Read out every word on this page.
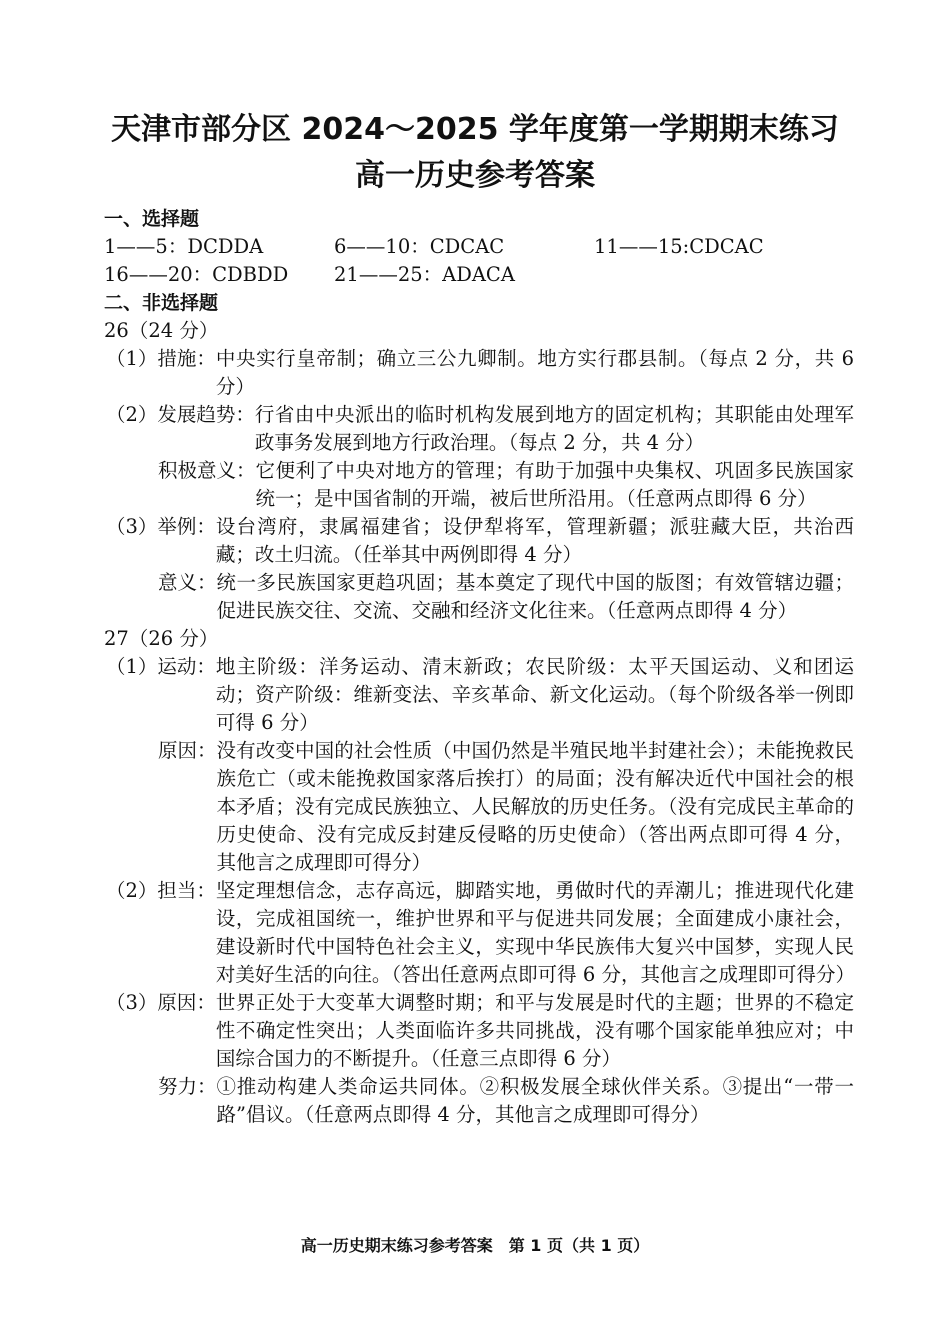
天津市部分区 2024～2025 学年度第一学期期末练习
高一历史参考答案
一、选择题
1——5：DCDDA	6——10：CDCAC	11——15:CDCAC
16——20：CDBDD	21——25：ADACA
二、非选择题
26（24 分）
（1）措施： 中央实行皇帝制；确立三公九卿制。地方实行郡县制。（每点 2 分，共 6 分）
（2）发展趋势： 行省由中央派出的临时机构发展到地方的固定机构；其职能由处理军政事务发展到地方行政治理。（每点 2 分，共 4 分）
积极意义： 它便利了中央对地方的管理；有助于加强中央集权、巩固多民族国家统一；是中国省制的开端，被后世所沿用。（任意两点即得 6 分）
（3）举例： 设台湾府，隶属福建省；设伊犁将军，管理新疆；派驻藏大臣，共治西藏；改土归流。（任举其中两例即得 4 分）
意义： 统一多民族国家更趋巩固；基本奠定了现代中国的版图；有效管辖边疆；促进民族交往、交流、交融和经济文化往来。（任意两点即得 4 分）
27（26 分）
（1）运动： 地主阶级：洋务运动、清末新政；农民阶级：太平天国运动、义和团运动；资产阶级：维新变法、辛亥革命、新文化运动。（每个阶级各举一例即可得 6 分）
原因： 没有改变中国的社会性质（中国仍然是半殖民地半封建社会）；未能挽救民族危亡（或未能挽救国家落后挨打）的局面；没有解决近代中国社会的根本矛盾；没有完成民族独立、人民解放的历史任务。（没有完成民主革命的历史使命、没有完成反封建反侵略的历史使命）（答出两点即可得 4 分，其他言之成理即可得分）
（2）担当： 坚定理想信念，志存高远，脚踏实地，勇做时代的弄潮儿；推进现代化建设，完成祖国统一，维护世界和平与促进共同发展；全面建成小康社会，建设新时代中国特色社会主义，实现中华民族伟大复兴中国梦，实现人民对美好生活的向往。（答出任意两点即可得 6 分，其他言之成理即可得分）
（3）原因： 世界正处于大变革大调整时期；和平与发展是时代的主题；世界的不稳定性不确定性突出；人类面临许多共同挑战，没有哪个国家能单独应对；中国综合国力的不断提升。（任意三点即得 6 分）
努力： ①推动构建人类命运共同体。②积极发展全球伙伴关系。③提出“一带一路”倡议。（任意两点即得 4 分，其他言之成理即可得分）
高一历史期末练习参考答案　第 1 页（共 1 页）
